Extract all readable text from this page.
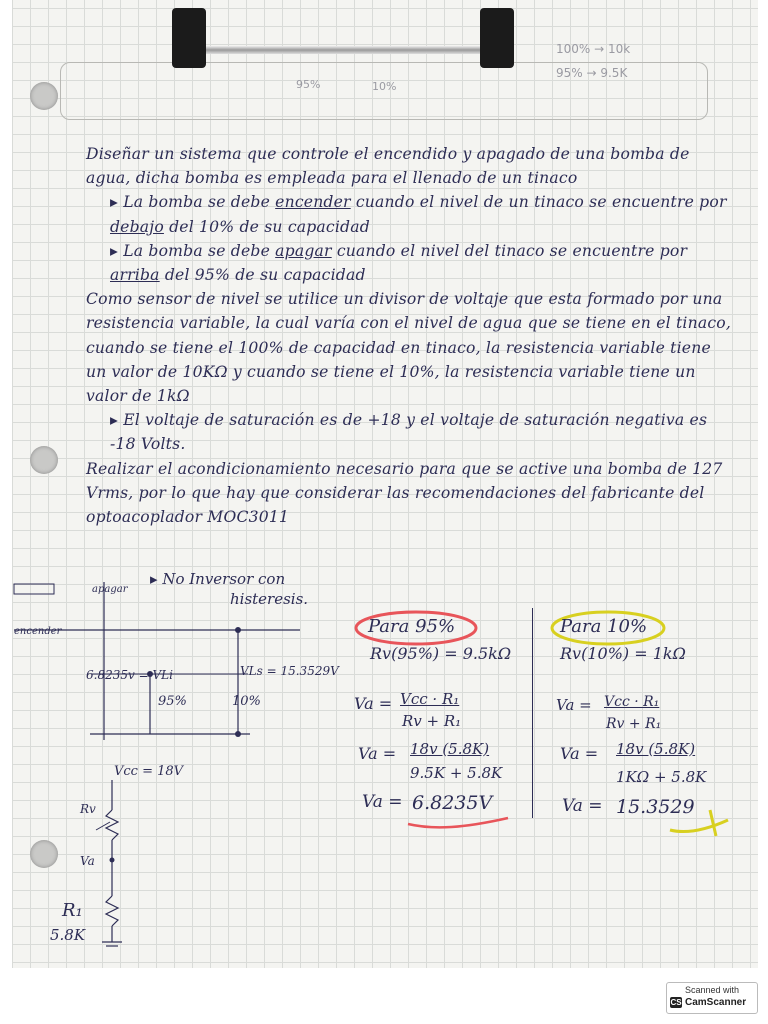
95%	10%
100% → 10k
95% → 9.5K

Diseñar un sistema que controle el encendido y apagado de una bomba de agua, dicha bomba es empleada para el llenado de un tinaco

▸ La bomba se debe encender cuando el nivel de un tinaco se encuentre por debajo del 10% de su capacidad

▸ La bomba se debe apagar cuando el nivel del tinaco se encuentre por arriba del 95% de su capacidad

Como sensor de nivel se utilice un divisor de voltaje que esta formado por una resistencia variable, la cual varía con el nivel de agua que se tiene en el tinaco, cuando se tiene el 100% de capacidad en tinaco, la resistencia variable tiene un valor de 10KΩ y cuando se tiene el 10%, la resistencia variable tiene un valor de 1kΩ

▸ El voltaje de saturación es de +18 y el voltaje de saturación negativa es -18 Volts.

Realizar el acondicionamiento necesario para que se active una bomba de 127 Vrms, por lo que hay que considerar las recomendaciones del fabricante del optoacoplador MOC3011

▸ No Inversor con
histeresis.
apagar
encender
6.8235v = VLi	VLs = 15.3529V
95%	10%
Vcc = 18V
Rv
Va
R₁
5.8K
Para 95%
Rv(95%) = 9.5kΩ
Va = Vcc · R₁
Rv + R₁
Va = 18v (5.8K)
9.5K + 5.8K
Va = 6.8235V
Para 10%
Rv(10%) = 1kΩ
Va = Vcc · R₁
Rv + R₁
Va = 18v (5.8K)
1KΩ + 5.8K
Va = 15.3529
Scanned with
CS CamScanner
